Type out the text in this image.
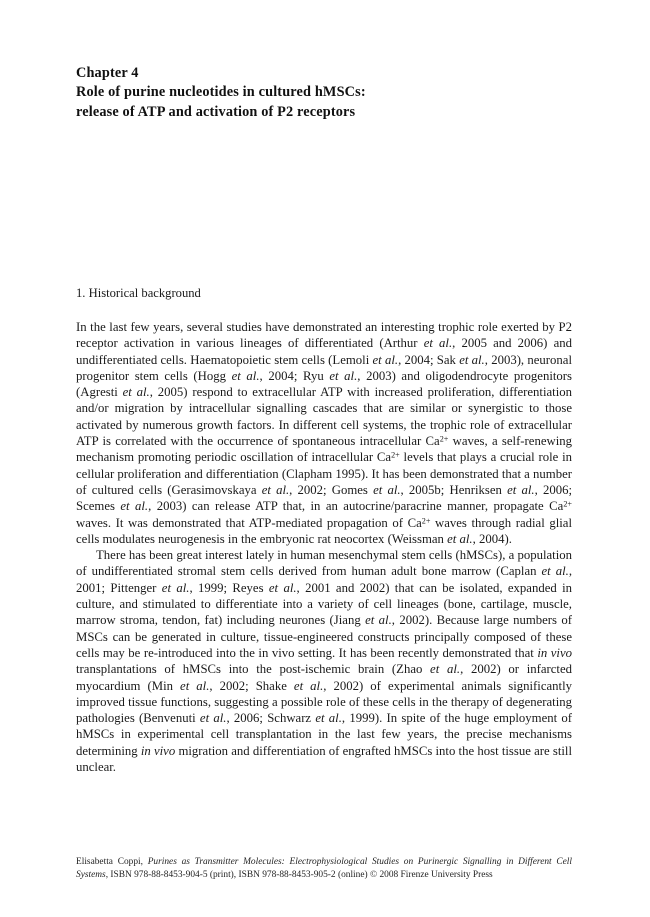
Chapter 4
Role of purine nucleotides in cultured hMSCs:
release of ATP and activation of P2 receptors
1. Historical background

In the last few years, several studies have demonstrated an interesting trophic role exerted by P2 receptor activation in various lineages of differentiated (Arthur et al., 2005 and 2006) and undifferentiated cells. Haematopoietic stem cells (Lemoli et al., 2004; Sak et al., 2003), neuronal progenitor stem cells (Hogg et al., 2004; Ryu et al., 2003) and oligodendrocyte progenitors (Agresti et al., 2005) respond to extracellular ATP with increased proliferation, differentiation and/or migration by intracellular signalling cascades that are similar or synergistic to those activated by numerous growth factors. In different cell systems, the trophic role of extracellular ATP is correlated with the occurrence of spontaneous intracellular $Ca^{2+}$ waves, a self-renewing mechanism promoting periodic oscillation of intracellular $Ca^{2+}$ levels that plays a crucial role in cellular proliferation and differentiation (Clapham 1995). It has been demonstrated that a number of cultured cells (Gerasimovskaya et al., 2002; Gomes et al., 2005b; Henriksen et al., 2006; Scemes et al., 2003) can release ATP that, in an autocrine/paracrine manner, propagate $Ca^{2+}$ waves. It was demonstrated that ATP-mediated propagation of $Ca^{2+}$ waves through radial glial cells modulates neurogenesis in the embryonic rat neocortex (Weissman et al., 2004).

There has been great interest lately in human mesenchymal stem cells (hMSCs), a population of undifferentiated stromal stem cells derived from human adult bone marrow (Caplan et al., 2001; Pittenger et al., 1999; Reyes et al., 2001 and 2002) that can be isolated, expanded in culture, and stimulated to differentiate into a variety of cell lineages (bone, cartilage, muscle, marrow stroma, tendon, fat) including neurones (Jiang et al., 2002). Because large numbers of MSCs can be generated in culture, tissue-engineered constructs principally composed of these cells may be re-introduced into the in vivo setting. It has been recently demonstrated that in vivo transplantations of hMSCs into the post-ischemic brain (Zhao et al., 2002) or infarcted myocardium (Min et al., 2002; Shake et al., 2002) of experimental animals significantly improved tissue functions, suggesting a possible role of these cells in the therapy of degenerating pathologies (Benvenuti et al., 2006; Schwarz et al., 1999). In spite of the huge employment of hMSCs in experimental cell transplantation in the last few years, the precise mechanisms determining in vivo migration and differentiation of engrafted hMSCs into the host tissue are still unclear.

Elisabetta Coppi, Purines as Transmitter Molecules: Electrophysiological Studies on Purinergic Signalling in Different Cell Systems, ISBN 978-88-8453-904-5 (print), ISBN 978-88-8453-905-2 (online) © 2008 Firenze University Press
